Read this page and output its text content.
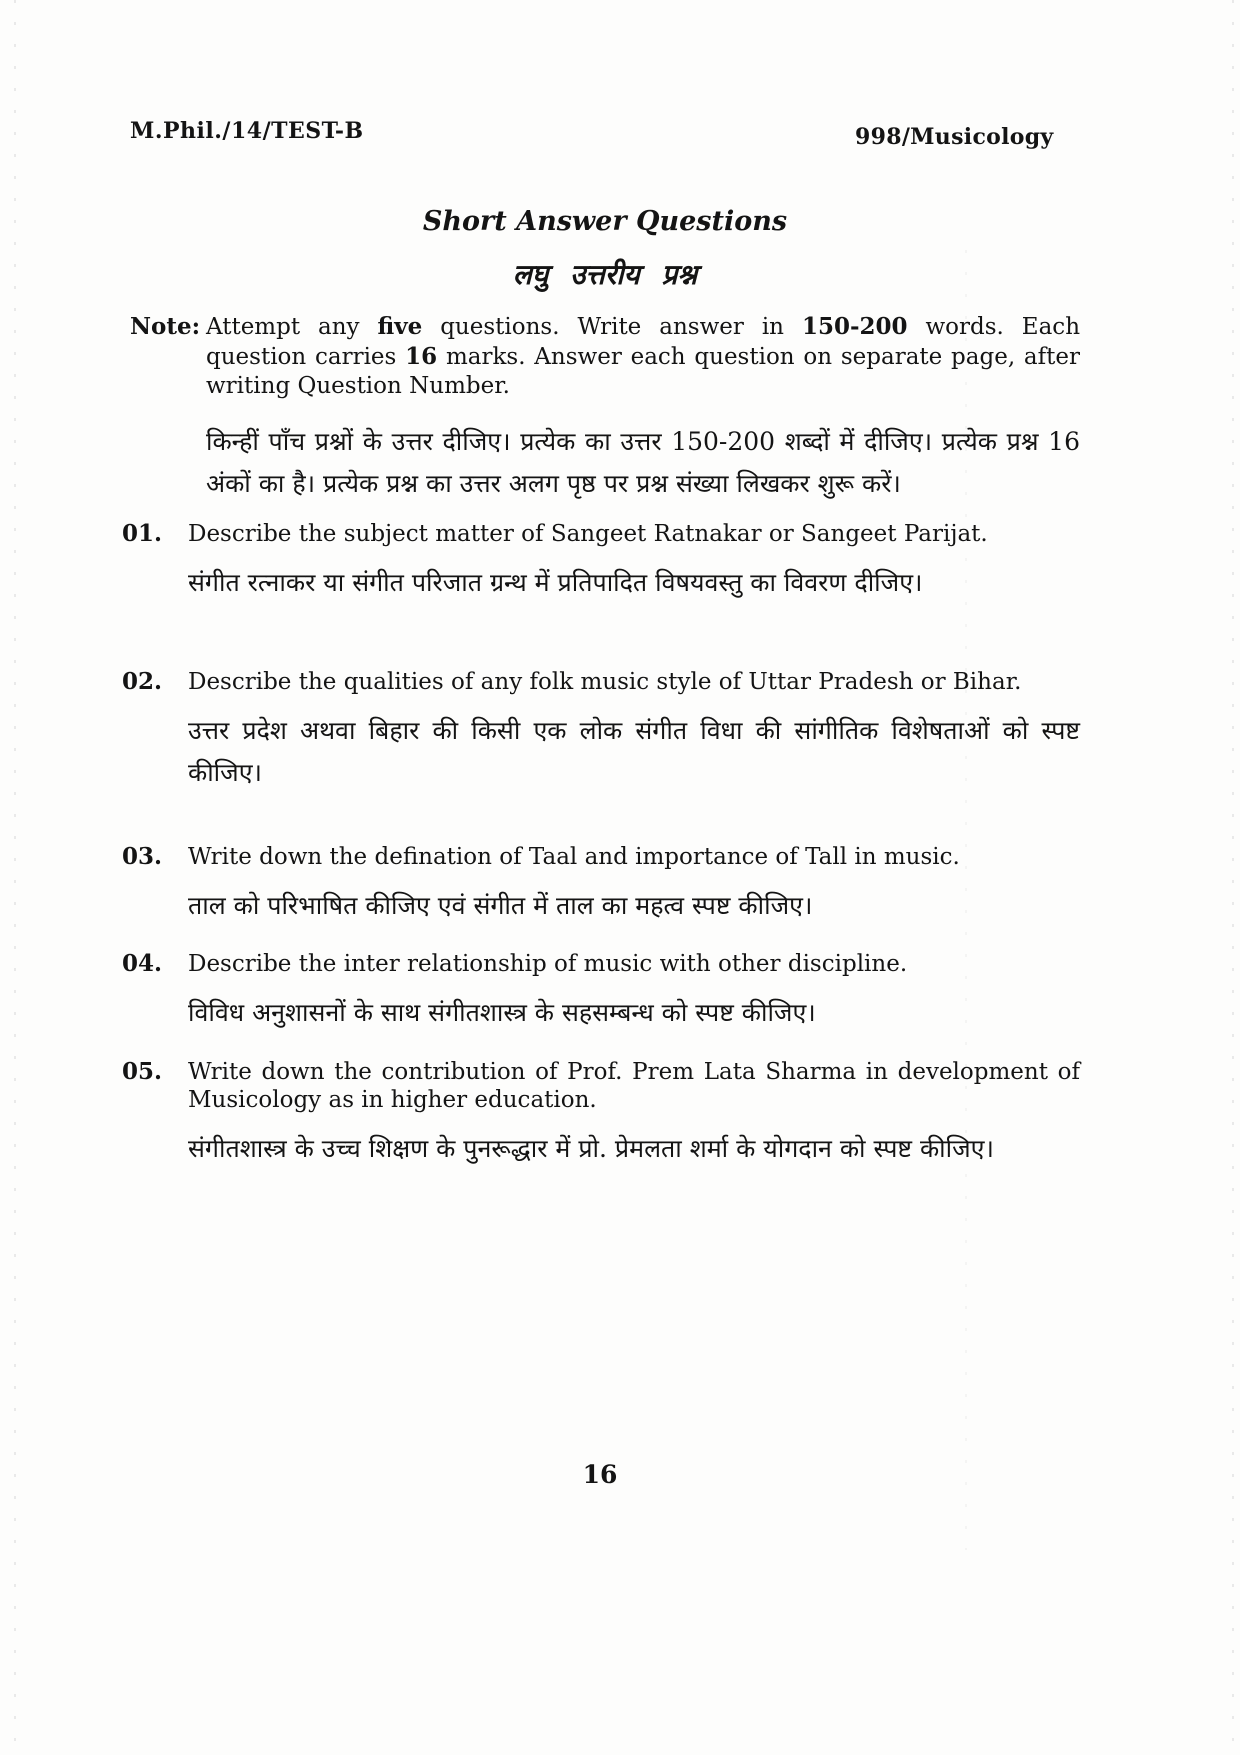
M.Phil./14/TEST-B	998/Musicology
Short Answer Questions
लघु उत्तरीय प्रश्न
Note: Attempt any five questions. Write answer in 150-200 words. Each question carries 16 marks. Answer each question on separate page, after writing Question Number.
किन्हीं पाँच प्रश्नों के उत्तर दीजिए। प्रत्येक का उत्तर 150-200 शब्दों में दीजिए। प्रत्येक प्रश्न 16 अंकों का है। प्रत्येक प्रश्न का उत्तर अलग पृष्ठ पर प्रश्न संख्या लिखकर शुरू करें।
01. Describe the subject matter of Sangeet Ratnakar or Sangeet Parijat.
संगीत रत्नाकर या संगीत परिजात ग्रन्थ में प्रतिपादित विषयवस्तु का विवरण दीजिए।
02. Describe the qualities of any folk music style of Uttar Pradesh or Bihar.
उत्तर प्रदेश अथवा बिहार की किसी एक लोक संगीत विधा की सांगीतिक विशेषताओं को स्पष्ट कीजिए।
03. Write down the defination of Taal and importance of Tall in music.
ताल को परिभाषित कीजिए एवं संगीत में ताल का महत्व स्पष्ट कीजिए।
04. Describe the inter relationship of music with other discipline.
विविध अनुशासनों के साथ संगीतशास्त्र के सहसम्बन्ध को स्पष्ट कीजिए।
05. Write down the contribution of Prof. Prem Lata Sharma in development of Musicology as in higher education.
संगीतशास्त्र के उच्च शिक्षण के पुनरूद्धार में प्रो. प्रेमलता शर्मा के योगदान को स्पष्ट कीजिए।
16
